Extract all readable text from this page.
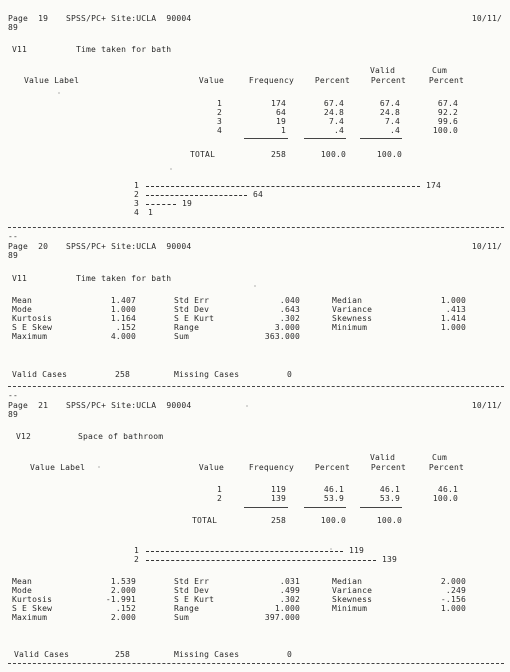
Page  19 SPSS/PC+ Site:UCLA  90004	10/11/
89
V11	Time taken for bath
Valid	Cum
Value Label	Value	Frequency	Percent	Percent	Percent
1	174	67.4	67.4	67.4
2	64	24.8	24.8	92.2
3	19	7.4	7.4	99.6
4	1	.4	.4	100.0
TOTAL	258	100.0	100.0
1	174
2	64
3	19
4 1
--
Page  20 SPSS/PC+ Site:UCLA  90004	10/11/
89
V11	Time taken for bath
Mean	1.407	Std Err	.040	Median	1.000
Mode	1.000	Std Dev	.643	Variance	.413
Kurtosis	1.164	S E Kurt	.302	Skewness	1.414
S E Skew	.152	Range	3.000	Minimum	1.000
Maximum	4.000	Sum	363.000
Valid Cases	258	Missing Cases	0
--
Page  21 SPSS/PC+ Site:UCLA  90004	10/11/
89
V12	Space of bathroom
Valid	Cum
Value Label	Value	Frequency	Percent	Percent	Percent
1	119	46.1	46.1	46.1
2	139	53.9	53.9	100.0
TOTAL	258	100.0	100.0
1	119
2	139
Mean	1.539	Std Err	.031	Median	2.000
Mode	2.000	Std Dev	.499	Variance	.249
Kurtosis	-1.991	S E Kurt	.302	Skewness	-.156
S E Skew	.152	Range	1.000	Minimum	1.000
Maximum	2.000	Sum	397.000
Valid Cases	258	Missing Cases	0
